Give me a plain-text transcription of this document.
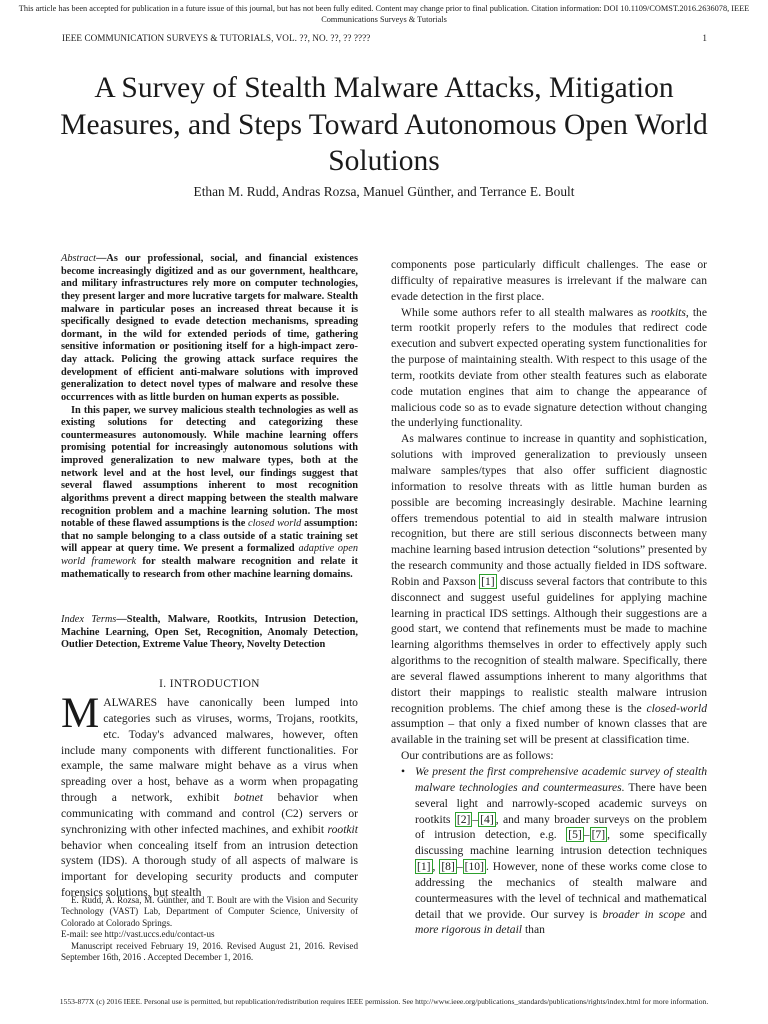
This article has been accepted for publication in a future issue of this journal, but has not been fully edited. Content may change prior to final publication. Citation information: DOI 10.1109/COMST.2016.2636078, IEEE
Communications Surveys & Tutorials
IEEE COMMUNICATION SURVEYS & TUTORIALS, VOL. ??, NO. ??, ?? ????	1
A Survey of Stealth Malware Attacks, Mitigation Measures, and Steps Toward Autonomous Open World Solutions
Ethan M. Rudd, Andras Rozsa, Manuel Günther, and Terrance E. Boult

Abstract—As our professional, social, and financial existences become increasingly digitized and as our government, healthcare, and military infrastructures rely more on computer technologies, they present larger and more lucrative targets for malware. Stealth malware in particular poses an increased threat because it is specifically designed to evade detection mechanisms, spreading dormant, in the wild for extended periods of time, gathering sensitive information or positioning itself for a high-impact zero-day attack. Policing the growing attack surface requires the development of efficient anti-malware solutions with improved generalization to detect novel types of malware and resolve these occurrences with as little burden on human experts as possible.

In this paper, we survey malicious stealth technologies as well as existing solutions for detecting and categorizing these countermeasures autonomously. While machine learning offers promising potential for increasingly autonomous solutions with improved generalization to new malware types, both at the network level and at the host level, our findings suggest that several flawed assumptions inherent to most recognition algorithms prevent a direct mapping between the stealth malware recognition problem and a machine learning solution. The most notable of these flawed assumptions is the closed world assumption: that no sample belonging to a class outside of a static training set will appear at query time. We present a formalized adaptive open world framework for stealth malware recognition and relate it mathematically to research from other machine learning domains.

Index Terms—Stealth, Malware, Rootkits, Intrusion Detection, Machine Learning, Open Set, Recognition, Anomaly Detection, Outlier Detection, Extreme Value Theory, Novelty Detection

I. INTRODUCTION

MALWARES have canonically been lumped into categories such as viruses, worms, Trojans, rootkits, etc. Today's advanced malwares, however, often include many components with different functionalities. For example, the same malware might behave as a virus when spreading over a host, behave as a worm when propagating through a network, exhibit botnet behavior when communicating with command and control (C2) servers or synchronizing with other infected machines, and exhibit rootkit behavior when concealing itself from an intrusion detection system (IDS). A thorough study of all aspects of malware is important for developing security products and computer forensics solutions, but stealth

E. Rudd, A. Rozsa, M. Günther, and T. Boult are with the Vision and Security Technology (VAST) Lab, Department of Computer Science, University of Colorado at Colorado Springs.

E-mail: see http://vast.uccs.edu/contact-us

Manuscript received February 19, 2016. Revised August 21, 2016. Revised September 16th, 2016 . Accepted December 1, 2016.

components pose particularly difficult challenges. The ease or difficulty of repairative measures is irrelevant if the malware can evade detection in the first place.

While some authors refer to all stealth malwares as rootkits, the term rootkit properly refers to the modules that redirect code execution and subvert expected operating system functionalities for the purpose of maintaining stealth. With respect to this usage of the term, rootkits deviate from other stealth features such as elaborate code mutation engines that aim to change the appearance of malicious code so as to evade signature detection without changing the underlying functionality.

As malwares continue to increase in quantity and sophistication, solutions with improved generalization to previously unseen malware samples/types that also offer sufficient diagnostic information to resolve threats with as little human burden as possible are becoming increasingly desirable. Machine learning offers tremendous potential to aid in stealth malware intrusion recognition, but there are still serious disconnects between many machine learning based intrusion detection “solutions” presented by the research community and those actually fielded in IDS software. Robin and Paxson [1] discuss several factors that contribute to this disconnect and suggest useful guidelines for applying machine learning in practical IDS settings. Although their suggestions are a good start, we contend that refinements must be made to machine learning algorithms themselves in order to effectively apply such algorithms to the recognition of stealth malware. Specifically, there are several flawed assumptions inherent to many algorithms that distort their mappings to realistic stealth malware intrusion recognition problems. The chief among these is the closed-world assumption – that only a fixed number of known classes that are available in the training set will be present at classification time.

Our contributions are as follows:

• We present the first comprehensive academic survey of stealth malware technologies and countermeasures. There have been several light and narrowly-scoped academic surveys on rootkits [2] – [4] , and many broader surveys on the problem of intrusion detection, e.g. [5] – [7] , some specifically discussing machine learning intrusion detection techniques [1] , [8] – [10] . However, none of these works come close to addressing the mechanics of stealth malware and countermeasures with the level of technical and mathematical detail that we provide. Our survey is broader in scope and more rigorous in detail than
1553-877X (c) 2016 IEEE. Personal use is permitted, but republication/redistribution requires IEEE permission. See http://www.ieee.org/publications_standards/publications/rights/index.html for more information.
